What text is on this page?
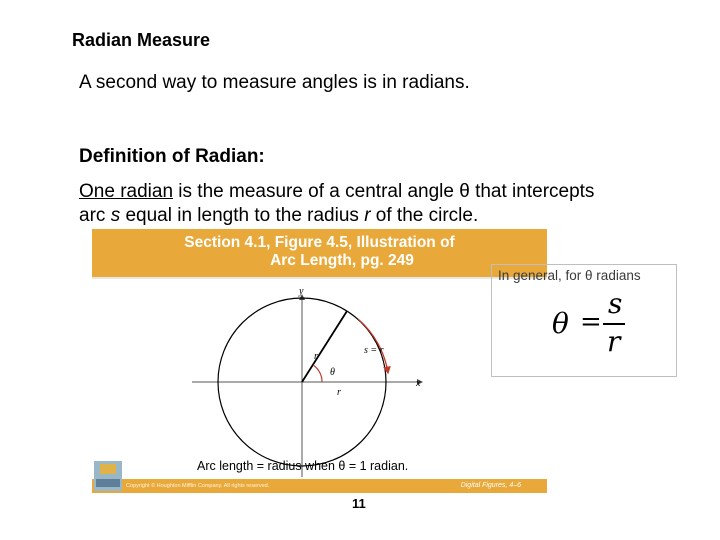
Radian Measure
A second way to measure angles is in radians.
Definition of Radian:
One radian is the measure of a central angle θ that intercepts
arc s equal in length to the radius r of the circle.
Section 4.1, Figure 4.5, Illustration of

Arc Length, pg. 249
x
y
r
θ
r
s = r
Arc length = radius when θ = 1 radian.
Copyright © Houghton Mifflin Company. All rights reserved.	Digital Figures, 4–6
In general, for θ radians
θ =
s
r
11
